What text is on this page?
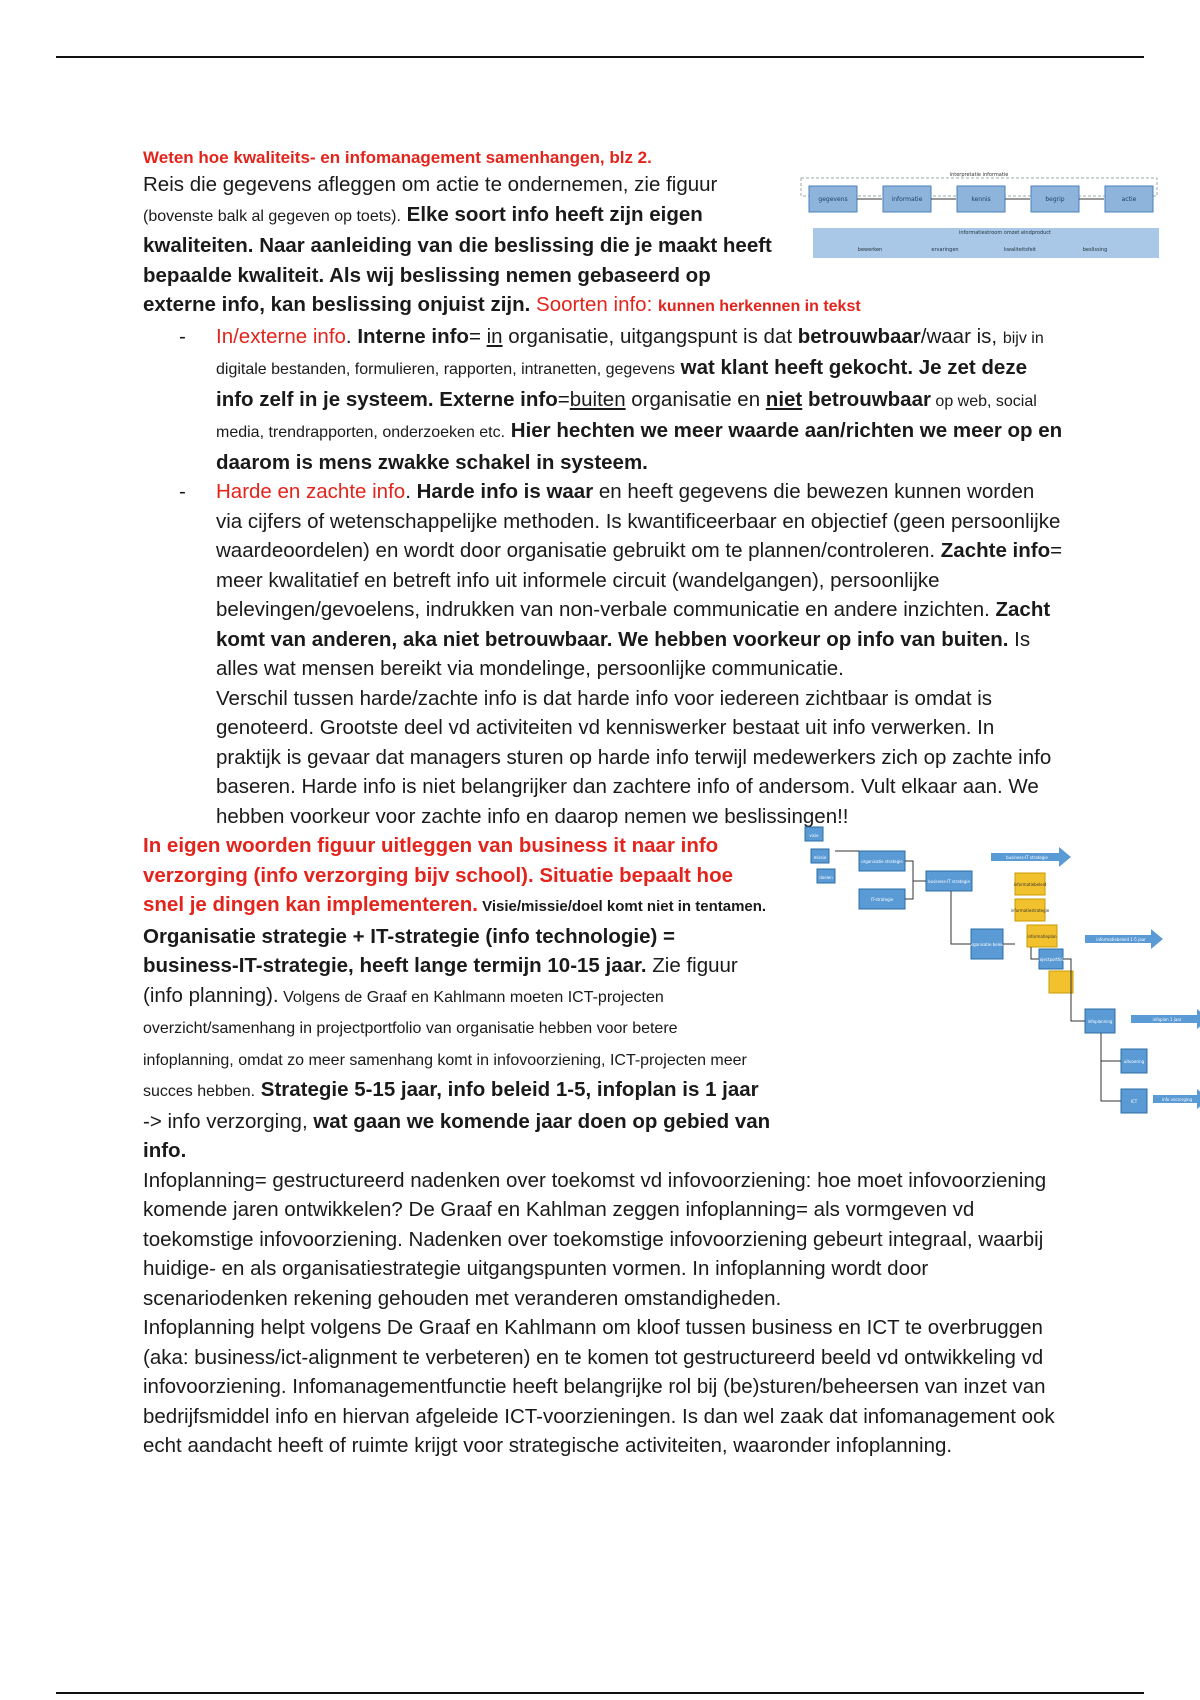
Weten hoe kwaliteits- en infomanagement samenhangen, blz 2.
interpretatie informatie
gegevens	informatie	kennis	begrip	actie
informatiestroom omzet eindproduct
bewerken	ervaringen	kwaliteitsfeit	beslissing

Reis die gegevens afleggen om actie te ondernemen, zie figuur (bovenste balk al gegeven op toets). Elke soort info heeft zijn eigen kwaliteiten. Naar aanleiding van die beslissing die je maakt heeft bepaalde kwaliteit. Als wij beslissing nemen gebaseerd op externe info, kan beslissing onjuist zijn. Soorten info: kunnen herkennen in tekst

- In/externe info. Interne info= in organisatie, uitgangspunt is dat betrouwbaar/waar is, bijv in digitale bestanden, formulieren, rapporten, intranetten, gegevens wat klant heeft gekocht. Je zet deze info zelf in je systeem. Externe info=buiten organisatie en niet betrouwbaar op web, social media, trendrapporten, onderzoeken etc. Hier hechten we meer waarde aan/richten we meer op en daarom is mens zwakke schakel in systeem.
- Harde en zachte info. Harde info is waar en heeft gegevens die bewezen kunnen worden via cijfers of wetenschappelijke methoden. Is kwantificeerbaar en objectief (geen persoonlijke waardeoordelen) en wordt door organisatie gebruikt om te plannen/controleren. Zachte info= meer kwalitatief en betreft info uit informele circuit (wandelgangen), persoonlijke belevingen/gevoelens, indrukken van non-verbale communicatie en andere inzichten. Zacht komt van anderen, aka niet betrouwbaar. We hebben voorkeur op info van buiten. Is alles wat mensen bereikt via mondelinge, persoonlijke communicatie.

Verschil tussen harde/zachte info is dat harde info voor iedereen zichtbaar is omdat is genoteerd. Grootste deel vd activiteiten vd kenniswerker bestaat uit info verwerken. In praktijk is gevaar dat managers sturen op harde info terwijl medewerkers zich op zachte info baseren. Harde info is niet belangrijker dan zachtere info of andersom. Vult elkaar aan. We hebben voorkeur voor zachte info en daarop nemen we beslissingen!!

visie
missie
doelen
organisatie strategie
IT-strategie
business-IT strategie
organisatie beleid
projectportfolio
infoplanning
uitvoering
ICT
informatiebeleid
informatiestrategie
informatieplan
business-IT strategie
informatiebeleid 1-5 jaar
infoplan 1 jaar
info verzorging

In eigen woorden figuur uitleggen van business it naar info verzorging (info verzorging bijv school). Situatie bepaalt hoe snel je dingen kan implementeren. Visie/missie/doel komt niet in tentamen. Organisatie strategie + IT-strategie (info technologie) = business-IT-strategie, heeft lange termijn 10-15 jaar. Zie figuur (info planning). Volgens de Graaf en Kahlmann moeten ICT-projecten overzicht/samenhang in projectportfolio van organisatie hebben voor betere infoplanning, omdat zo meer samenhang komt in infovoorziening, ICT-projecten meer succes hebben. Strategie 5-15 jaar, info beleid 1-5, infoplan is 1 jaar -> info verzorging, wat gaan we komende jaar doen op gebied van info.

Infoplanning= gestructureerd nadenken over toekomst vd infovoorziening: hoe moet infovoorziening komende jaren ontwikkelen? De Graaf en Kahlman zeggen infoplanning= als vormgeven vd toekomstige infovoorziening. Nadenken over toekomstige infovoorziening gebeurt integraal, waarbij huidige- en als organisatiestrategie uitgangspunten vormen. In infoplanning wordt door scenariodenken rekening gehouden met veranderen omstandigheden.

Infoplanning helpt volgens De Graaf en Kahlmann om kloof tussen business en ICT te overbruggen (aka: business/ict-alignment te verbeteren) en te komen tot gestructureerd beeld vd ontwikkeling vd infovoorziening. Infomanagementfunctie heeft belangrijke rol bij (be)sturen/beheersen van inzet van bedrijfsmiddel info en hiervan afgeleide ICT-voorzieningen. Is dan wel zaak dat infomanagement ook echt aandacht heeft of ruimte krijgt voor strategische activiteiten, waaronder infoplanning.
